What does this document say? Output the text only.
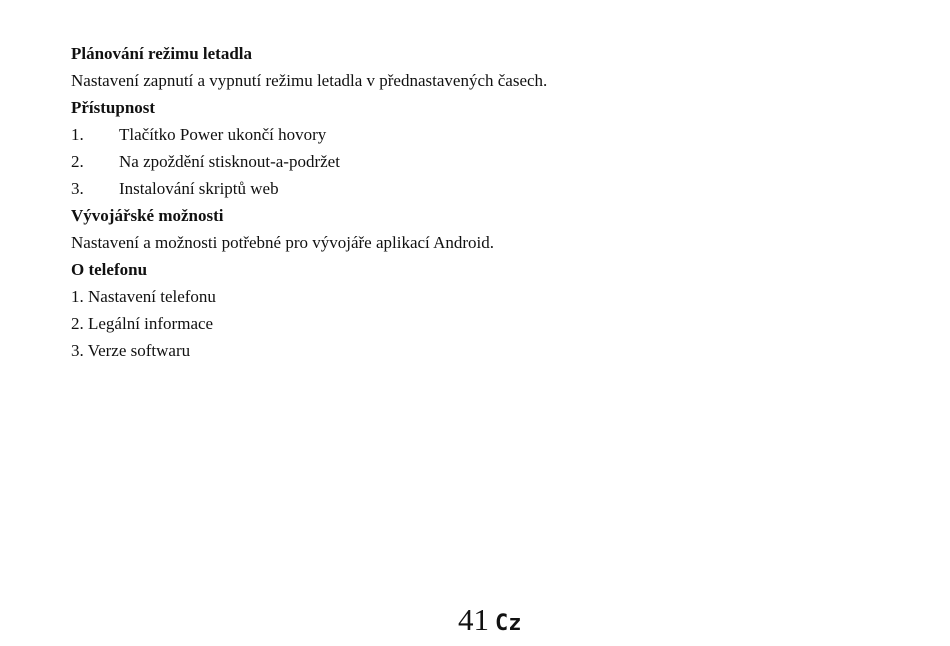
Plánování režimu letadla
Nastavení zapnutí a vypnutí režimu letadla v přednastavených časech.
Přístupnost
1. Tlačítko Power ukončí hovory
2. Na zpoždění stisknout-a-podržet
3. Instalování skriptů web
Vývojářské možnosti
Nastavení a možnosti potřebné pro vývojáře aplikací Android.
O telefonu
1. Nastavení telefonu
2. Legální informace
3. Verze softwaru
41 Cz
